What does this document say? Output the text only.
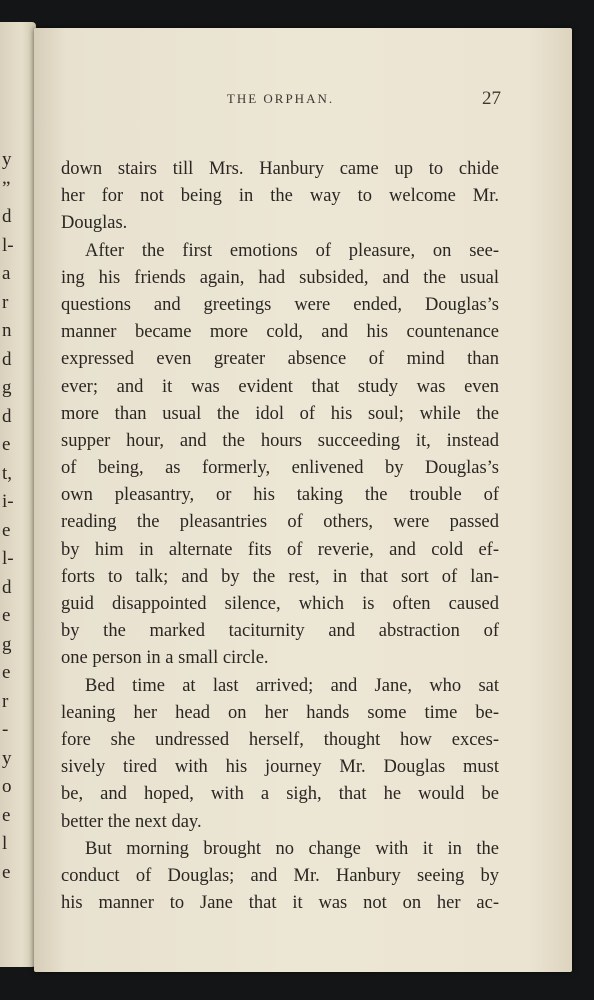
y
”
d
l-
a
r
n
d
g
d
e
t,
i-
e
l-
d
e
g
e
r
-
y
o
e
l
e
THE ORPHAN.	27
down stairs till Mrs. Hanbury came up to chide
her for not being in the way to welcome Mr.
Douglas.
After the first emotions of pleasure, on see-
ing his friends again, had subsided, and the usual
questions and greetings were ended, Douglas’s
manner became more cold, and his countenance
expressed even greater absence of mind than
ever; and it was evident that study was even
more than usual the idol of his soul; while the
supper hour, and the hours succeeding it, instead
of being, as formerly, enlivened by Douglas’s
own pleasantry, or his taking the trouble of
reading the pleasantries of others, were passed
by him in alternate fits of reverie, and cold ef-
forts to talk; and by the rest, in that sort of lan-
guid disappointed silence, which is often caused
by the marked taciturnity and abstraction of
one person in a small circle.
Bed time at last arrived; and Jane, who sat
leaning her head on her hands some time be-
fore she undressed herself, thought how exces-
sively tired with his journey Mr. Douglas must
be, and hoped, with a sigh, that he would be
better the next day.
But morning brought no change with it in the
conduct of Douglas; and Mr. Hanbury seeing by
his manner to Jane that it was not on her ac-
